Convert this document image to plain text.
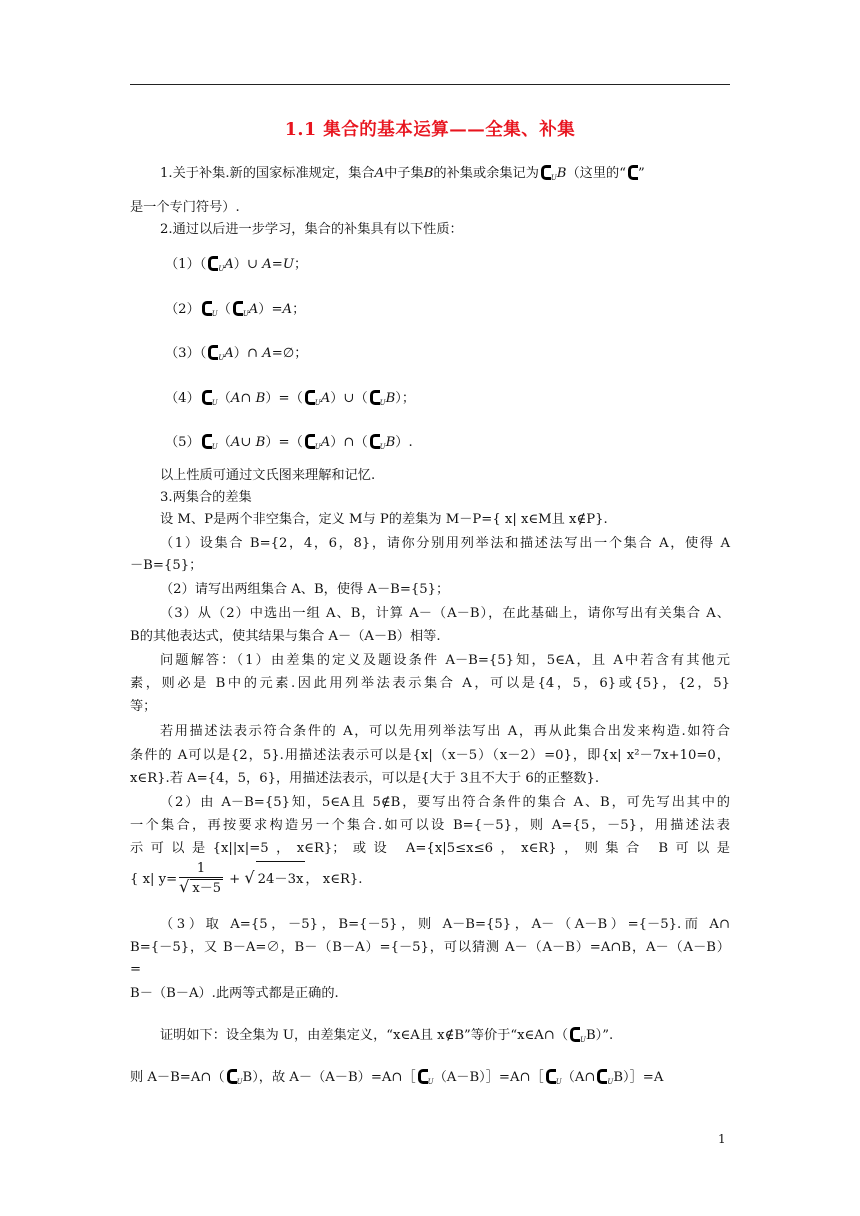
1.1 集合的基本运算——全集、补集
1.关于补集.新的国家标准规定，集合A中子集B的补集或余集记为 $_U$B（这里的“ ”
是一个专门符号）.
2.通过以后进一步学习，集合的补集具有以下性质：
（1）（ $_U$A）∪ A=U；
（2） $_U$（ $_U$A）=A；
（3）（ $_U$A）∩ A=∅；
（4） $_U$（A∩ B）=（ $_U$A）∪（ $_U$B）；
（5） $_U$（A∪ B）=（ $_U$A）∩（ $_U$B）.
以上性质可通过文氏图来理解和记忆.
3.两集合的差集
设 M、P是两个非空集合，定义 M与 P的差集为 M－P={ x| x∈M且 x∉P}.
（1）设集合 B={2，4，6，8}，请你分别用列举法和描述法写出一个集合 A，使得 A
－B={5}；
（2）请写出两组集合 A、B，使得 A－B={5}；
（3）从（2）中选出一组 A、B，计算 A－（A－B），在此基础上，请你写出有关集合 A、
B的其他表达式，使其结果与集合 A－（A－B）相等.
问题解答：（1）由差集的定义及题设条件 A－B={5}知，5∈A，且 A中若含有其他元
素，则必是 B中的元素.因此用列举法表示集合 A，可以是{4，5，6}或{5}，{2，5}
等；
若用描述法表示符合条件的 A，可以先用列举法写出 A，再从此集合出发来构造.如符合
条件的 A可以是{2，5}.用描述法表示可以是{x|（x－5）（x－2）=0}，即{x| x²－7x+10=0，
x∈R}.若 A={4，5，6}，用描述法表示，可以是{大于 3且不大于 6的正整数}.
（2）由 A－B={5}知，5∈A且 5∉B，要写出符合条件的集合 A、B，可先写出其中的
一个集合，再按要求构造另一个集合.如可以设 B={－5}，则 A={5，－5}，用描述法表
示可以是{x||x|=5，x∈R}；或设 A={x|5≤x≤6，x∈R}，则集合 B可以是
{ x| $y= \frac{1}{√ x-5}$ + √ 24－3x ， x∈R}.
（3）取 A={5，－5}，B={－5}，则 A－B={5}，A－（A－B）={－5}.而 A∩
B={－5}，又 B－A=∅，B－（B－A）={－5}，可以猜测 A－（A－B）=A∩B，A－（A－B）
=
B－（B－A）.此两等式都是正确的.
证明如下：设全集为 U，由差集定义，“x∈A且 x∉B”等价于“x∈A∩（ $_U$B）”.
则 A－B=A∩（ $_U$B），故 A－（A－B）=A∩［ $_U$（A－B）］=A∩［ $_U$（A∩ $_U$B）］=A
1
